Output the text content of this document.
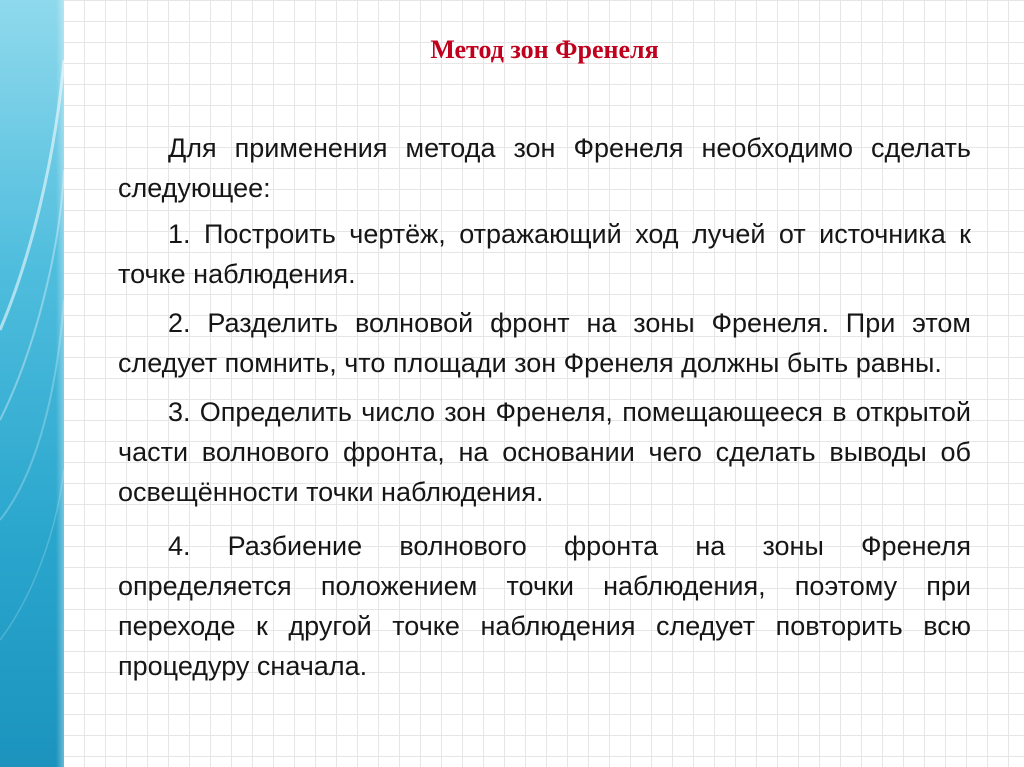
Метод зон Френеля

Для применения метода зон Френеля необходимо сделать следующее:

1. Построить чертёж, отражающий ход лучей от источника к точке наблюдения.

2. Разделить волновой фронт на зоны Френеля. При этом следует помнить, что площади зон Френеля должны быть равны.

3. Определить число зон Френеля, помещающееся в открытой части волнового фронта, на основании чего сделать выводы об освещённости точки наблюдения.

4. Разбиение волнового фронта на зоны Френеля определяется положением точки наблюдения, поэтому при переходе к другой точке наблюдения следует повторить всю процедуру сначала.
